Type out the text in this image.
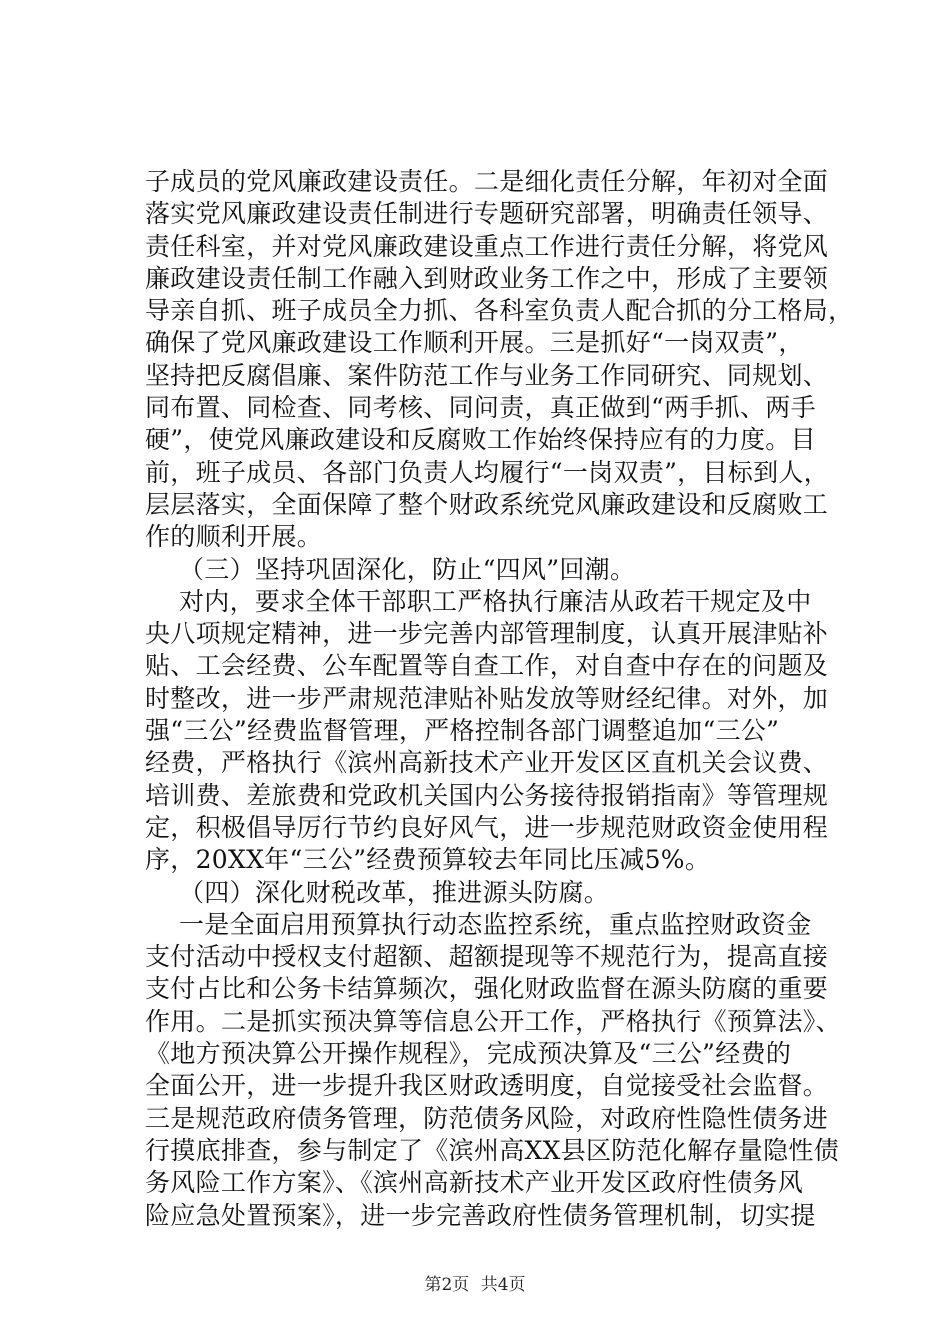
子成员的党风廉政建设责任。二是细化责任分解，年初对全面
落实党风廉政建设责任制进行专题研究部署，明确责任领导、
责任科室，并对党风廉政建设重点工作进行责任分解，将党风
廉政建设责任制工作融入到财政业务工作之中，形成了主要领
导亲自抓、班子成员全力抓、各科室负责人配合抓的分工格局，
确保了党风廉政建设工作顺利开展。三是抓好“一岗双责”，
坚持把反腐倡廉、案件防范工作与业务工作同研究、同规划、
同布置、同检查、同考核、同问责，真正做到“两手抓、两手
硬”，使党风廉政建设和反腐败工作始终保持应有的力度。目
前，班子成员、各部门负责人均履行“一岗双责”，目标到人，
层层落实，全面保障了整个财政系统党风廉政建设和反腐败工
作的顺利开展。
（三）坚持巩固深化，防止“四风”回潮。
对内，要求全体干部职工严格执行廉洁从政若干规定及中
央八项规定精神，进一步完善内部管理制度，认真开展津贴补
贴、工会经费、公车配置等自查工作，对自查中存在的问题及
时整改，进一步严肃规范津贴补贴发放等财经纪律。对外，加
强“三公”经费监督管理，严格控制各部门调整追加“三公”
经费，严格执行《滨州高新技术产业开发区区直机关会议费、
培训费、差旅费和党政机关国内公务接待报销指南》等管理规
定，积极倡导厉行节约良好风气，进一步规范财政资金使用程
序，20XX年“三公”经费预算较去年同比压减5%。
（四）深化财税改革，推进源头防腐。
一是全面启用预算执行动态监控系统，重点监控财政资金
支付活动中授权支付超额、超额提现等不规范行为，提高直接
支付占比和公务卡结算频次，强化财政监督在源头防腐的重要
作用。二是抓实预决算等信息公开工作，严格执行《预算法》、
《地方预决算公开操作规程》，完成预决算及“三公”经费的
全面公开，进一步提升我区财政透明度，自觉接受社会监督。
三是规范政府债务管理，防范债务风险，对政府性隐性债务进
行摸底排查，参与制定了《滨州高XX县区防范化解存量隐性债
务风险工作方案》、《滨州高新技术产业开发区政府性债务风
险应急处置预案》，进一步完善政府性债务管理机制，切实提
第2页 共4页
